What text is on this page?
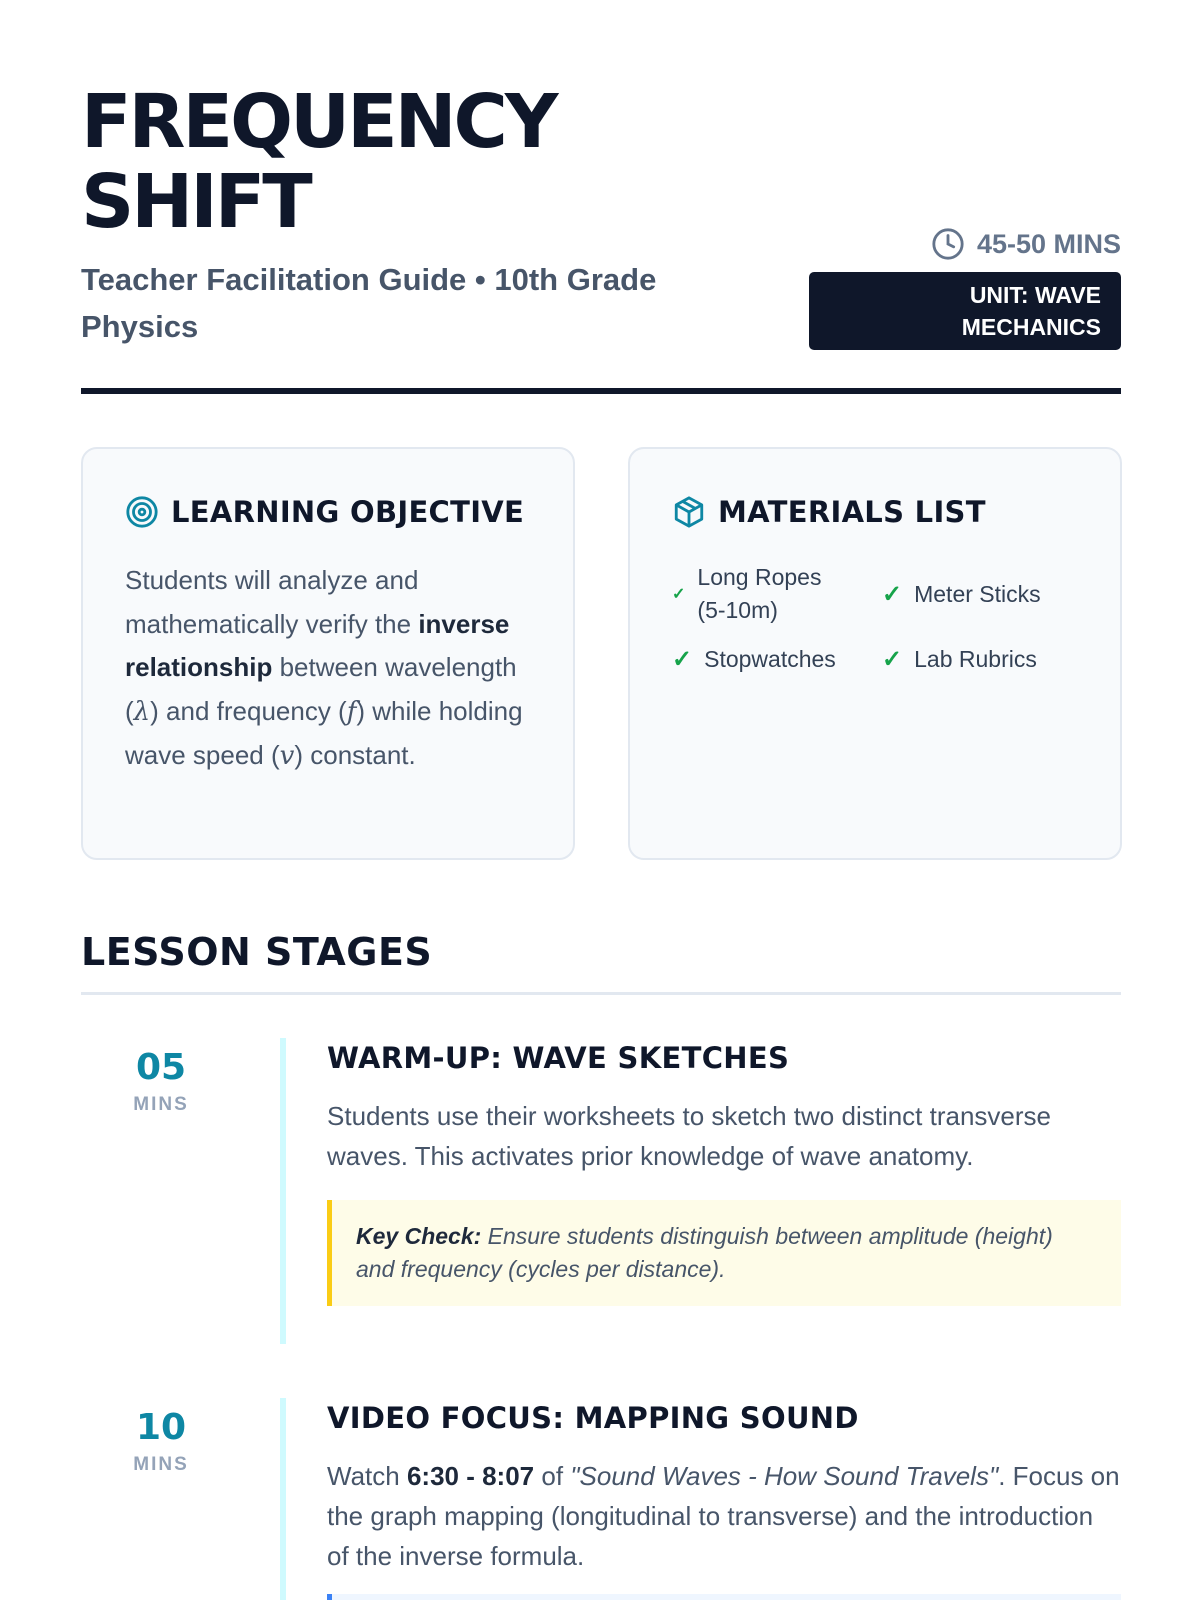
FREQUENCY
SHIFT
Teacher Facilitation Guide • 10th Grade Physics
45-50 MINS
UNIT: WAVE MECHANICS
LEARNING OBJECTIVE

Students will analyze and mathematically verify the inverse relationship between wavelength (λ) and frequency (f) while holding wave speed (v) constant.

MATERIALS LIST
✓
Long Ropes (5-10m)
✓ Meter Sticks
✓ Stopwatches ✓ Lab Rubrics
LESSON STAGES
05
MINS
WARM-UP: WAVE SKETCHES

Students use their worksheets to sketch two distinct transverse waves. This activates prior knowledge of wave anatomy.

Key Check: Ensure students distinguish between amplitude (height) and frequency (cycles per distance).
10
MINS
VIDEO FOCUS: MAPPING SOUND

Watch 6:30 - 8:07 of "Sound Waves - How Sound Travels". Focus on the graph mapping (longitudinal to transverse) and the introduction of the inverse formula.
